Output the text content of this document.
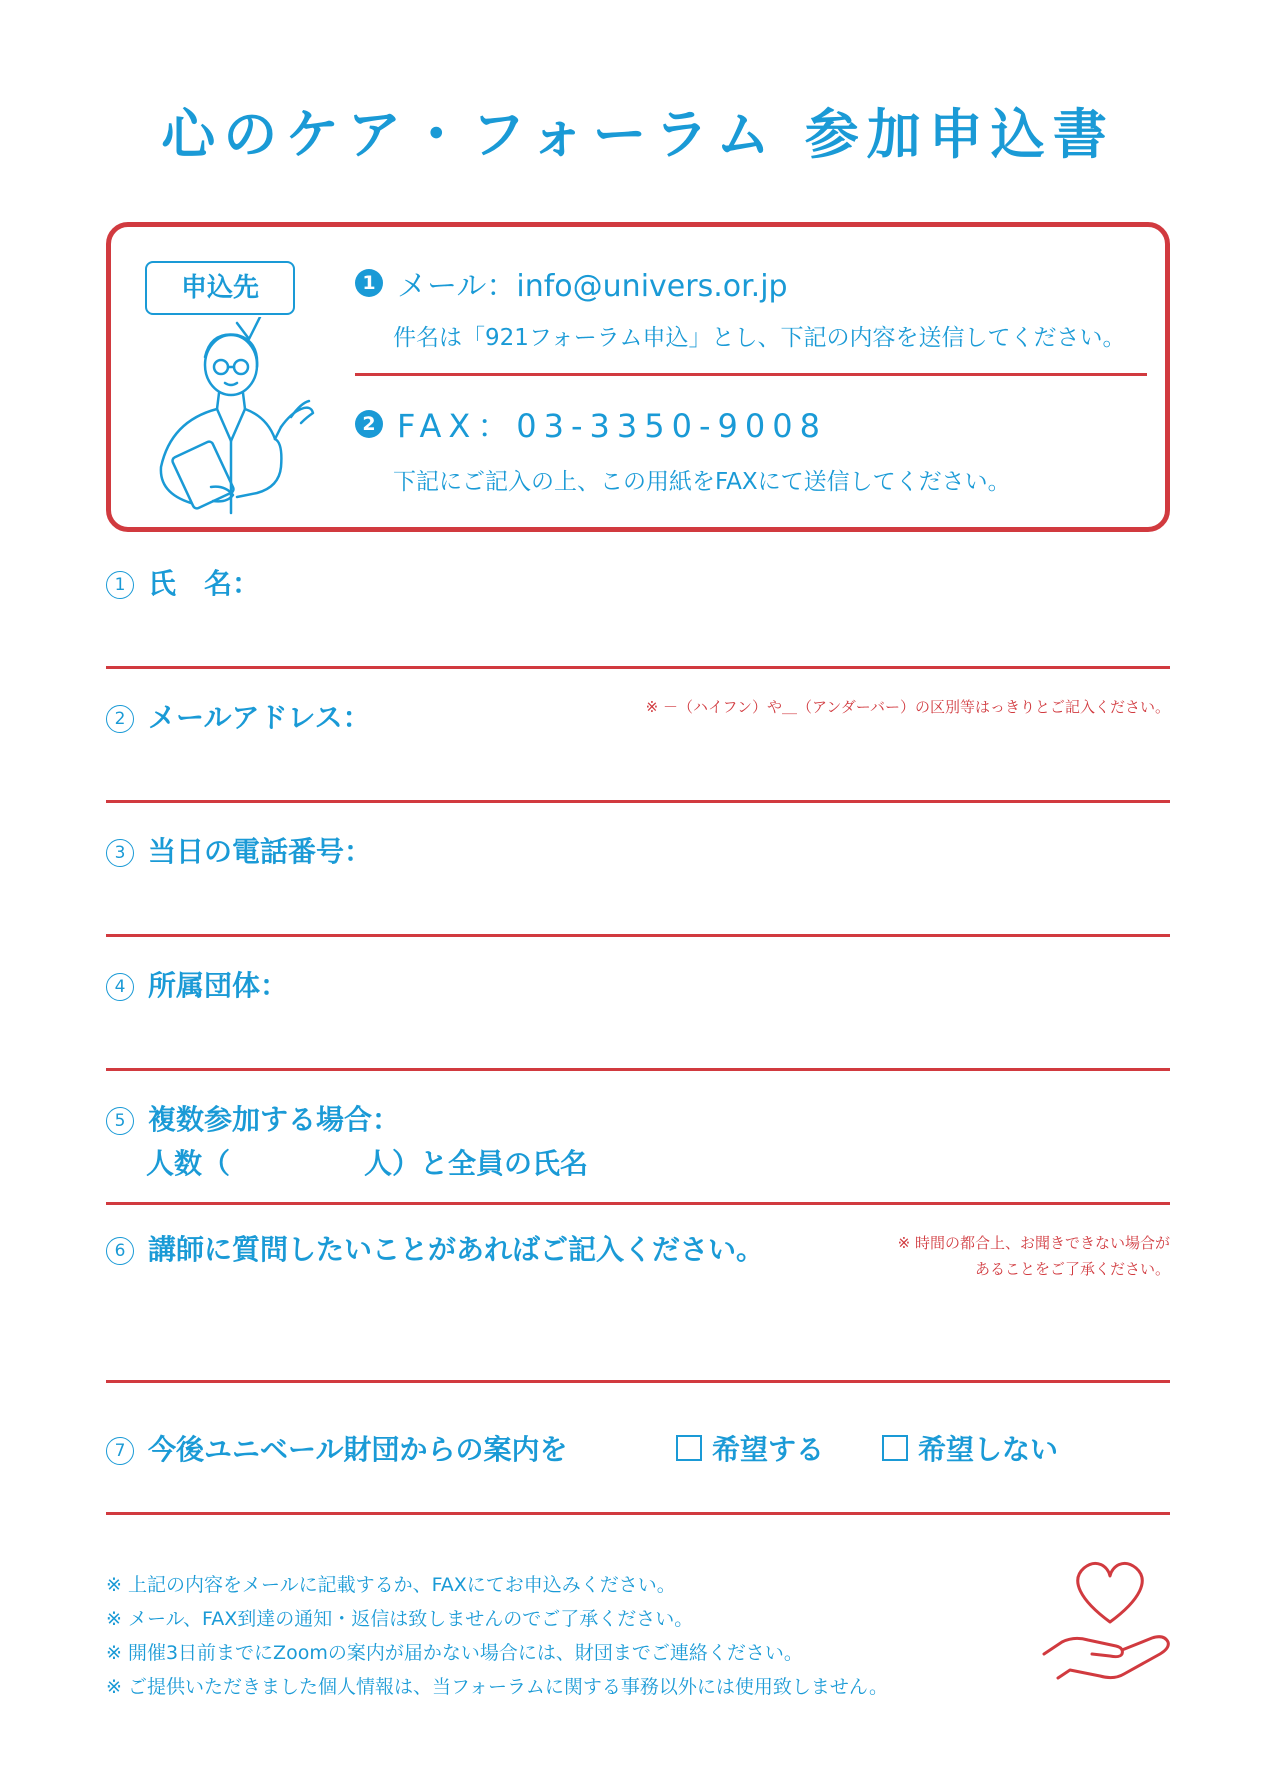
心のケア・フォーラム 参加申込書
申込先	1 メール：info@univers.or.jp
件名は「921フォーラム申込」とし、下記の内容を送信してください。
2 FAX：03-3350-9008
下記にご記入の上、この用紙をFAXにて送信してください。
1 氏　名：
2 メールアドレス：	※ －（ハイフン）や＿（アンダーバー）の区別等はっきりとご記入ください。
3 当日の電話番号：
4 所属団体：
5 複数参加する場合：
人数（	人）と全員の氏名
6 講師に質問したいことがあればご記入ください。	※ 時間の都合上、お聞きできない場合が
あることをご了承ください。
7 今後ユニベール財団からの案内を	希望する	希望しない
※ 上記の内容をメールに記載するか、FAXにてお申込みください。
※ メール、FAX到達の通知・返信は致しませんのでご了承ください。
※ 開催3日前までにZoomの案内が届かない場合には、財団までご連絡ください。
※ ご提供いただきました個人情報は、当フォーラムに関する事務以外には使用致しません。
